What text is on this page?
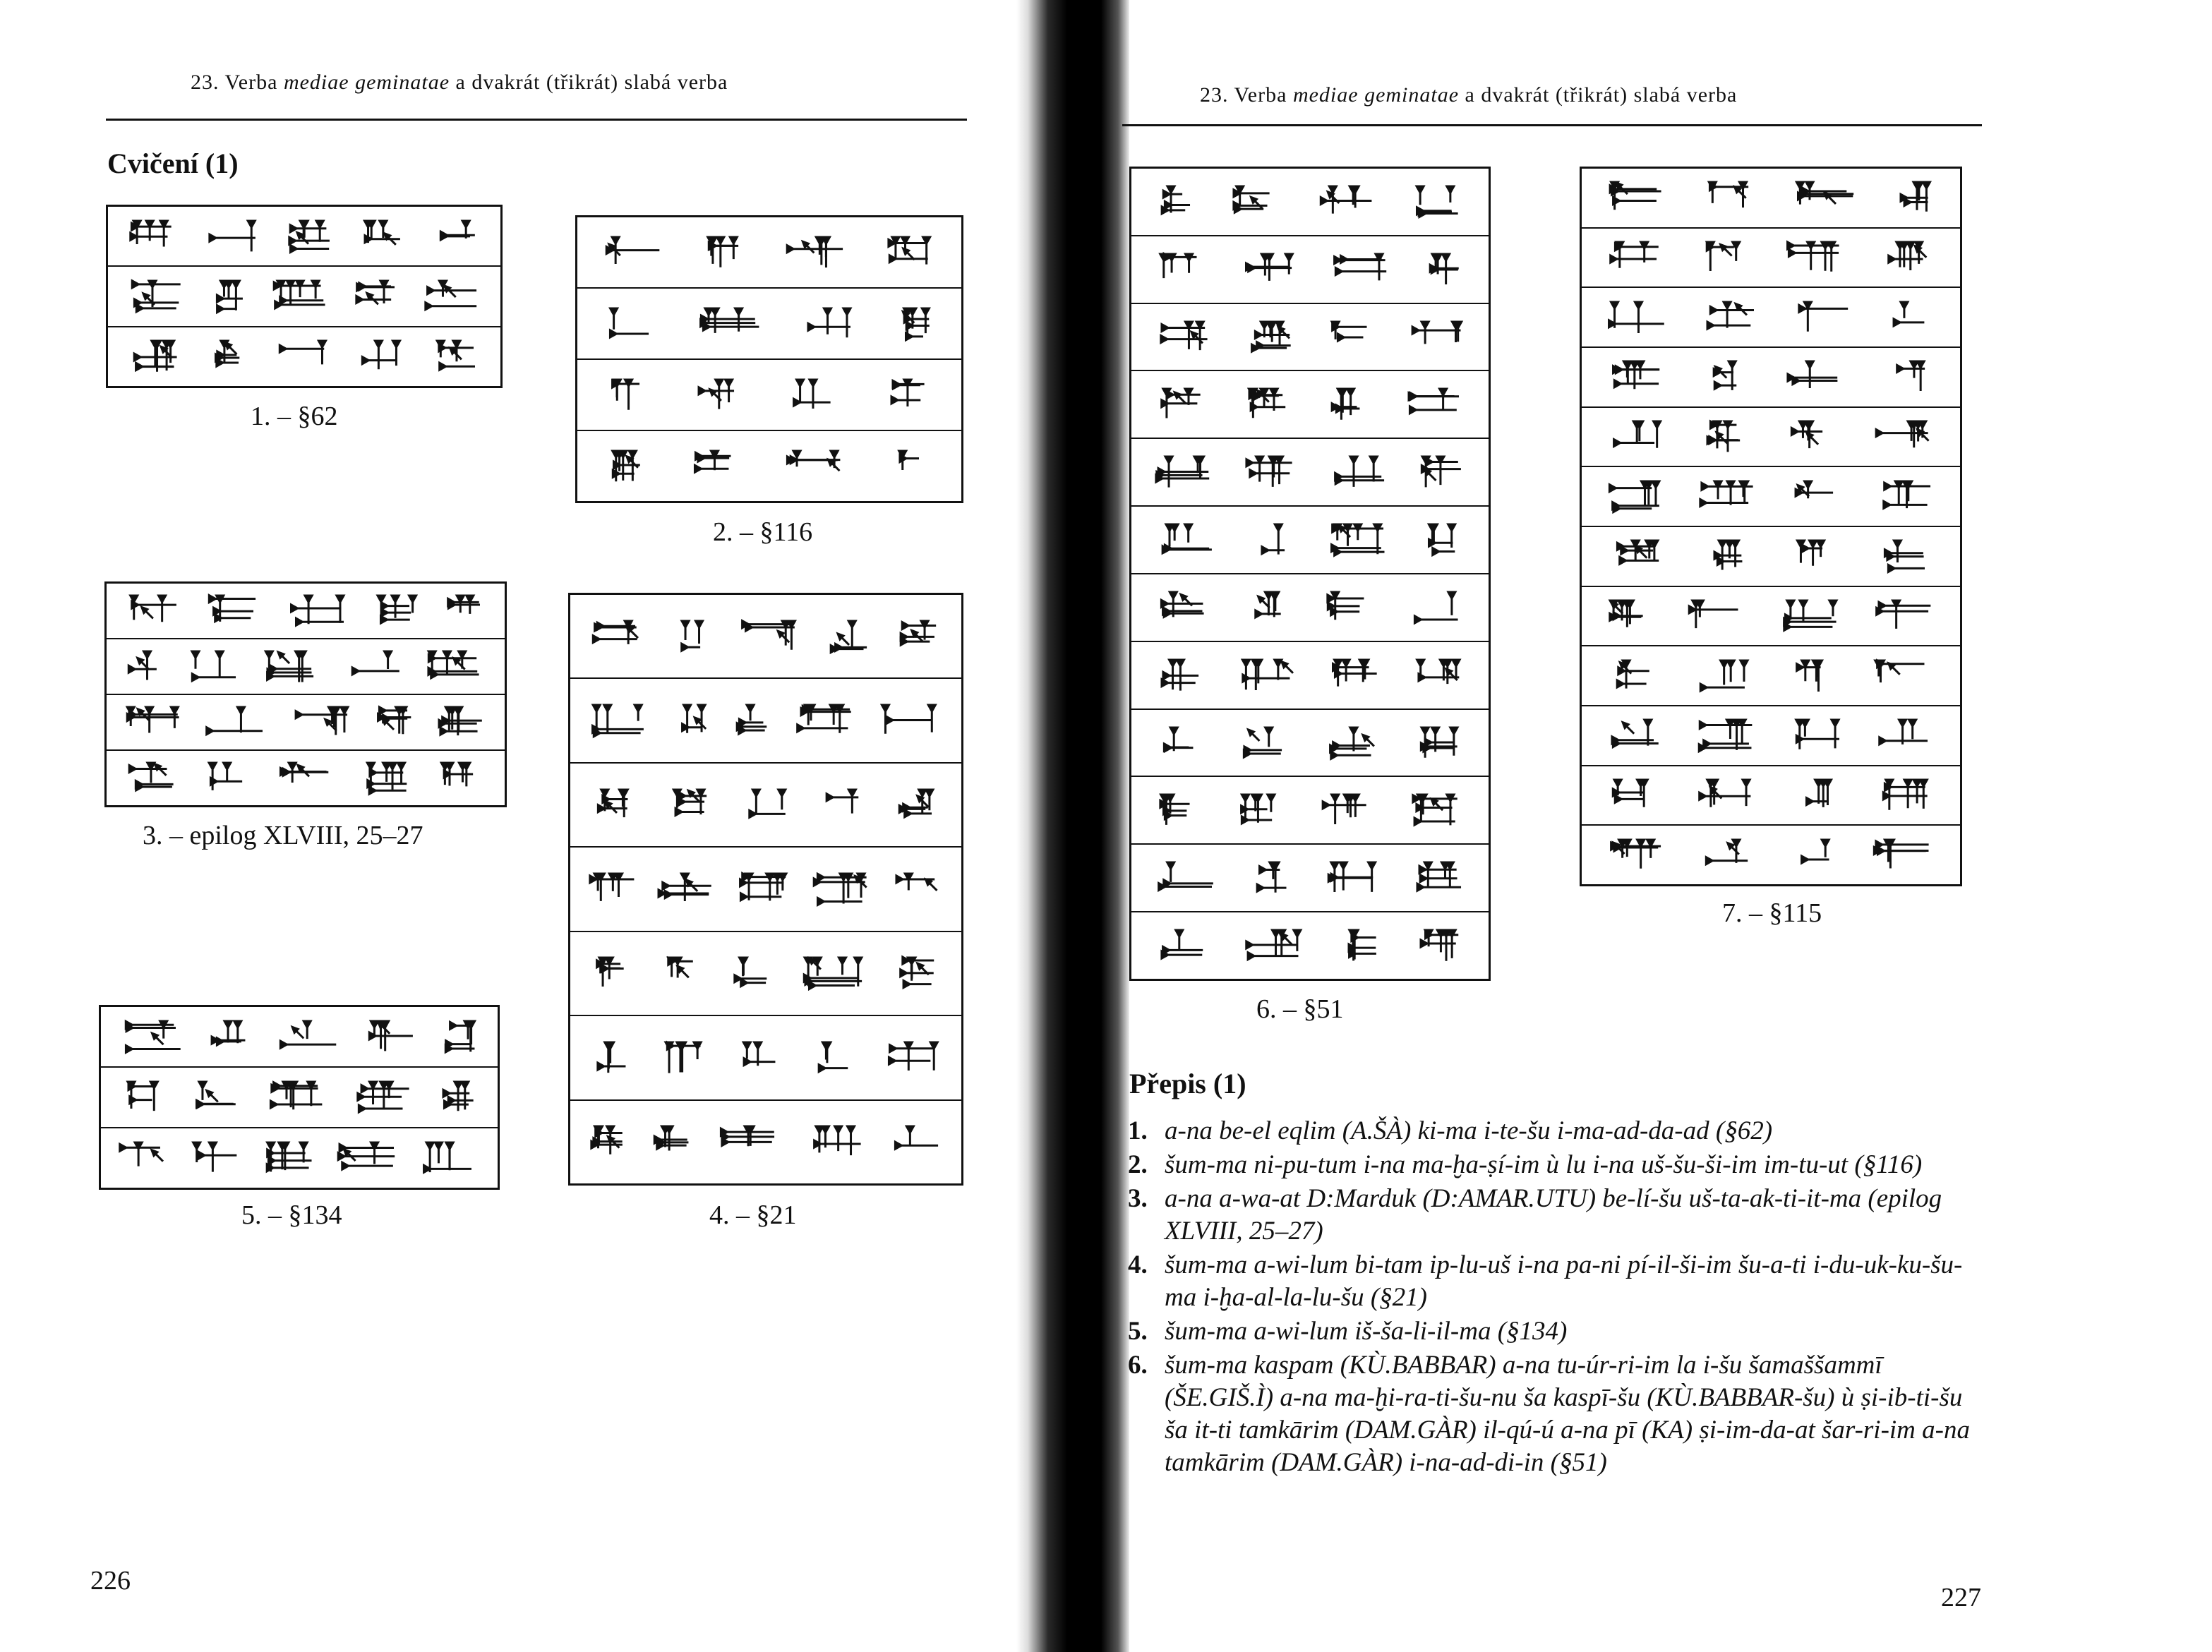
23. Verba mediae geminatae a dvakrát (třikrát) slabá verba
Cvičení (1)
1. – §62
2. – §116
3. – epilog XLVIII, 25–27
4. – §21
5. – §134
226
23. Verba mediae geminatae a dvakrát (třikrát) slabá verba
6. – §51
7. – §115
Přepis (1)
227
1. a-na be-el eqlim (A.ŠÀ) ki-ma i-te-šu i-ma-ad-da-ad (§62)
2. šum-ma ni-pu-tum i-na ma-ḫa-ṣí-im ù lu i-na uš-šu-ši-im im-tu-ut (§116)
3. a-na a-wa-at D:Marduk (D:AMAR.UTU) be-lí-šu uš-ta-ak-ti-it-ma (epilog XLVIII, 25–27)
4. šum-ma a-wi-lum bi-tam ip-lu-uš i-na pa-ni pí-il-ši-im šu-a-ti i-du-uk-ku-šu-ma i-ḫa-al-la-lu-šu (§21)
5. šum-ma a-wi-lum iš-ša-li-il-ma (§134)
6. šum-ma kaspam (KÙ.BABBAR) a-na tu-úr-ri-im la i-šu šamaššammī (ŠE.GIŠ.Ì) a-na ma-ḫi-ra-ti-šu-nu ša kaspī-šu (KÙ.BABBAR-šu) ù ṣi-ib-ti-šu ša it-ti tamkārim (DAM.GÀR) il-qú-ú a-na pī (KA) ṣi-im-da-at šar-ri-im a-na tamkārim (DAM.GÀR) i-na-ad-di-in (§51)
